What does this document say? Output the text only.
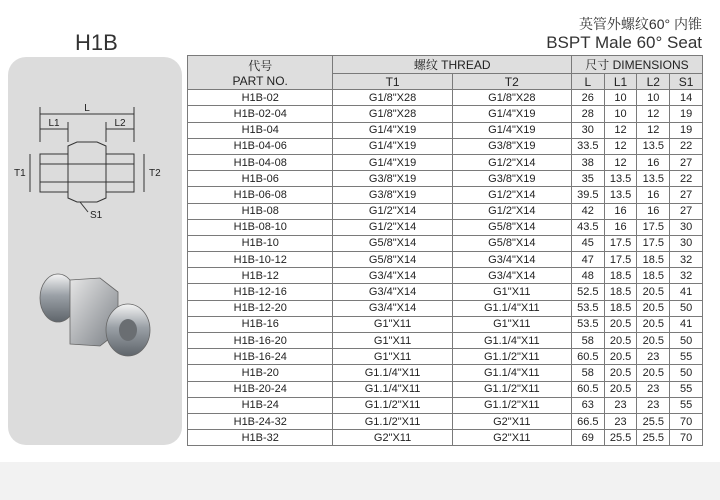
H1B
英管外螺纹60° 内锥
BSPT Male 60° Seat
L
L1	L2
T1	T2
S1
代号
PART NO.	螺纹 THREAD		尺寸 DIMENSIONS			
	T1	T2	L	L1	L2	S1
H1B-02	G1/8"X28	G1/8"X28	26	10	10	14
H1B-02-04	G1/8"X28	G1/4"X19	28	10	12	19
H1B-04	G1/4"X19	G1/4"X19	30	12	12	19
H1B-04-06	G1/4"X19	G3/8"X19	33.5	12	13.5	22
H1B-04-08	G1/4"X19	G1/2"X14	38	12	16	27
H1B-06	G3/8"X19	G3/8"X19	35	13.5	13.5	22
H1B-06-08	G3/8"X19	G1/2"X14	39.5	13.5	16	27
H1B-08	G1/2"X14	G1/2"X14	42	16	16	27
H1B-08-10	G1/2"X14	G5/8"X14	43.5	16	17.5	30
H1B-10	G5/8"X14	G5/8"X14	45	17.5	17.5	30
H1B-10-12	G5/8"X14	G3/4"X14	47	17.5	18.5	32
H1B-12	G3/4"X14	G3/4"X14	48	18.5	18.5	32
H1B-12-16	G3/4"X14	G1"X11	52.5	18.5	20.5	41
H1B-12-20	G3/4"X14	G1.1/4"X11	53.5	18.5	20.5	50
H1B-16	G1"X11	G1"X11	53.5	20.5	20.5	41
H1B-16-20	G1"X11	G1.1/4"X11	58	20.5	20.5	50
H1B-16-24	G1"X11	G1.1/2"X11	60.5	20.5	23	55
H1B-20	G1.1/4"X11	G1.1/4"X11	58	20.5	20.5	50
H1B-20-24	G1.1/4"X11	G1.1/2"X11	60.5	20.5	23	55
H1B-24	G1.1/2"X11	G1.1/2"X11	63	23	23	55
H1B-24-32	G1.1/2"X11	G2"X11	66.5	23	25.5	70
H1B-32	G2"X11	G2"X11	69	25.5	25.5	70
